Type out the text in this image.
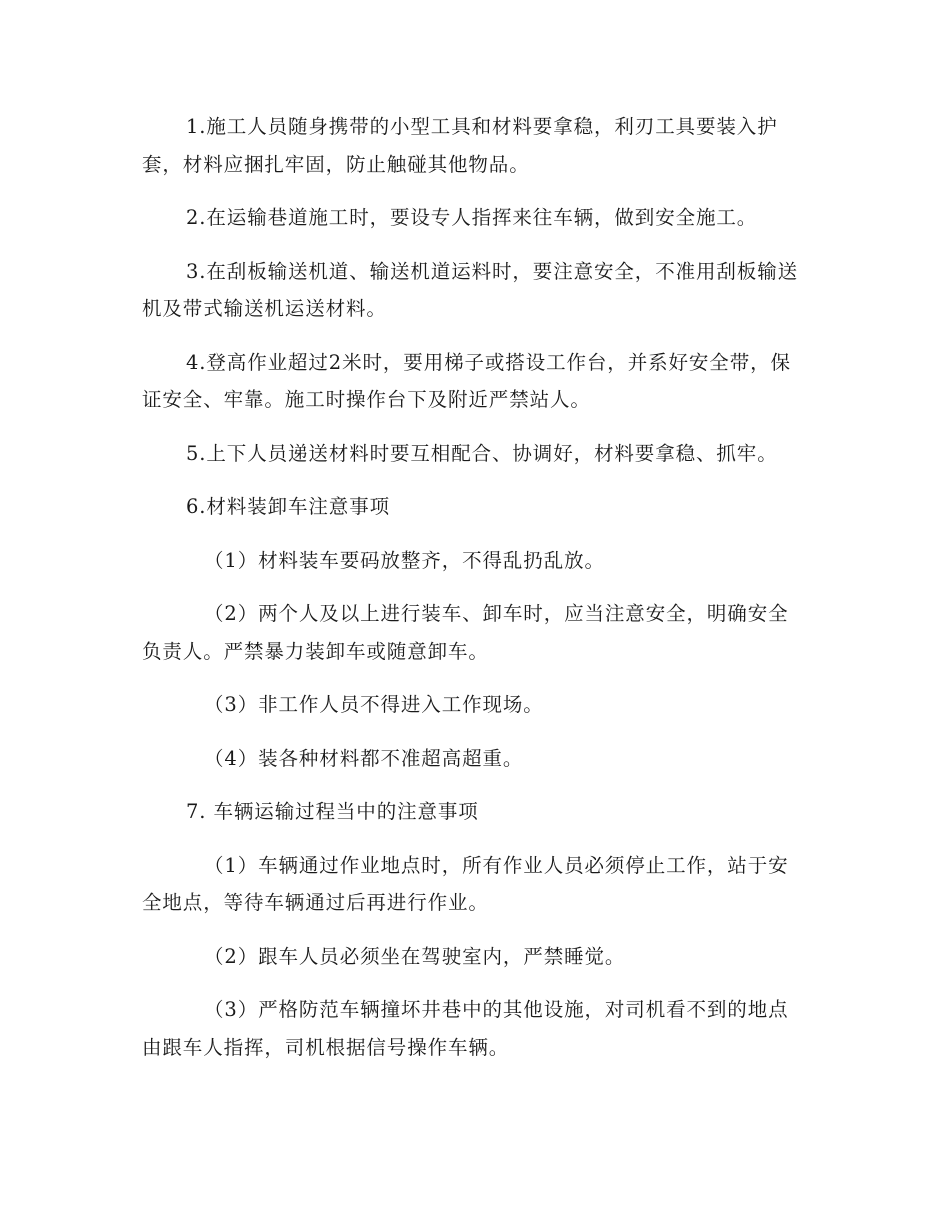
1.施工人员随身携带的小型工具和材料要拿稳，利刃工具要装入护套，材料应捆扎牢固，防止触碰其他物品。

2.在运输巷道施工时，要设专人指挥来往车辆，做到安全施工。

3.在刮板输送机道、输送机道运料时，要注意安全，不准用刮板输送机及带式输送机运送材料。

4.登高作业超过2米时，要用梯子或搭设工作台，并系好安全带，保证安全、牢靠。施工时操作台下及附近严禁站人。

5.上下人员递送材料时要互相配合、协调好，材料要拿稳、抓牢。

6.材料装卸车注意事项

（1）材料装车要码放整齐，不得乱扔乱放。

（2）两个人及以上进行装车、卸车时，应当注意安全，明确安全负责人。严禁暴力装卸车或随意卸车。

（3）非工作人员不得进入工作现场。

（4）装各种材料都不准超高超重。

7. 车辆运输过程当中的注意事项

（1）车辆通过作业地点时，所有作业人员必须停止工作，站于安全地点，等待车辆通过后再进行作业。

（2）跟车人员必须坐在驾驶室内，严禁睡觉。

（3）严格防范车辆撞坏井巷中的其他设施，对司机看不到的地点由跟车人指挥，司机根据信号操作车辆。
